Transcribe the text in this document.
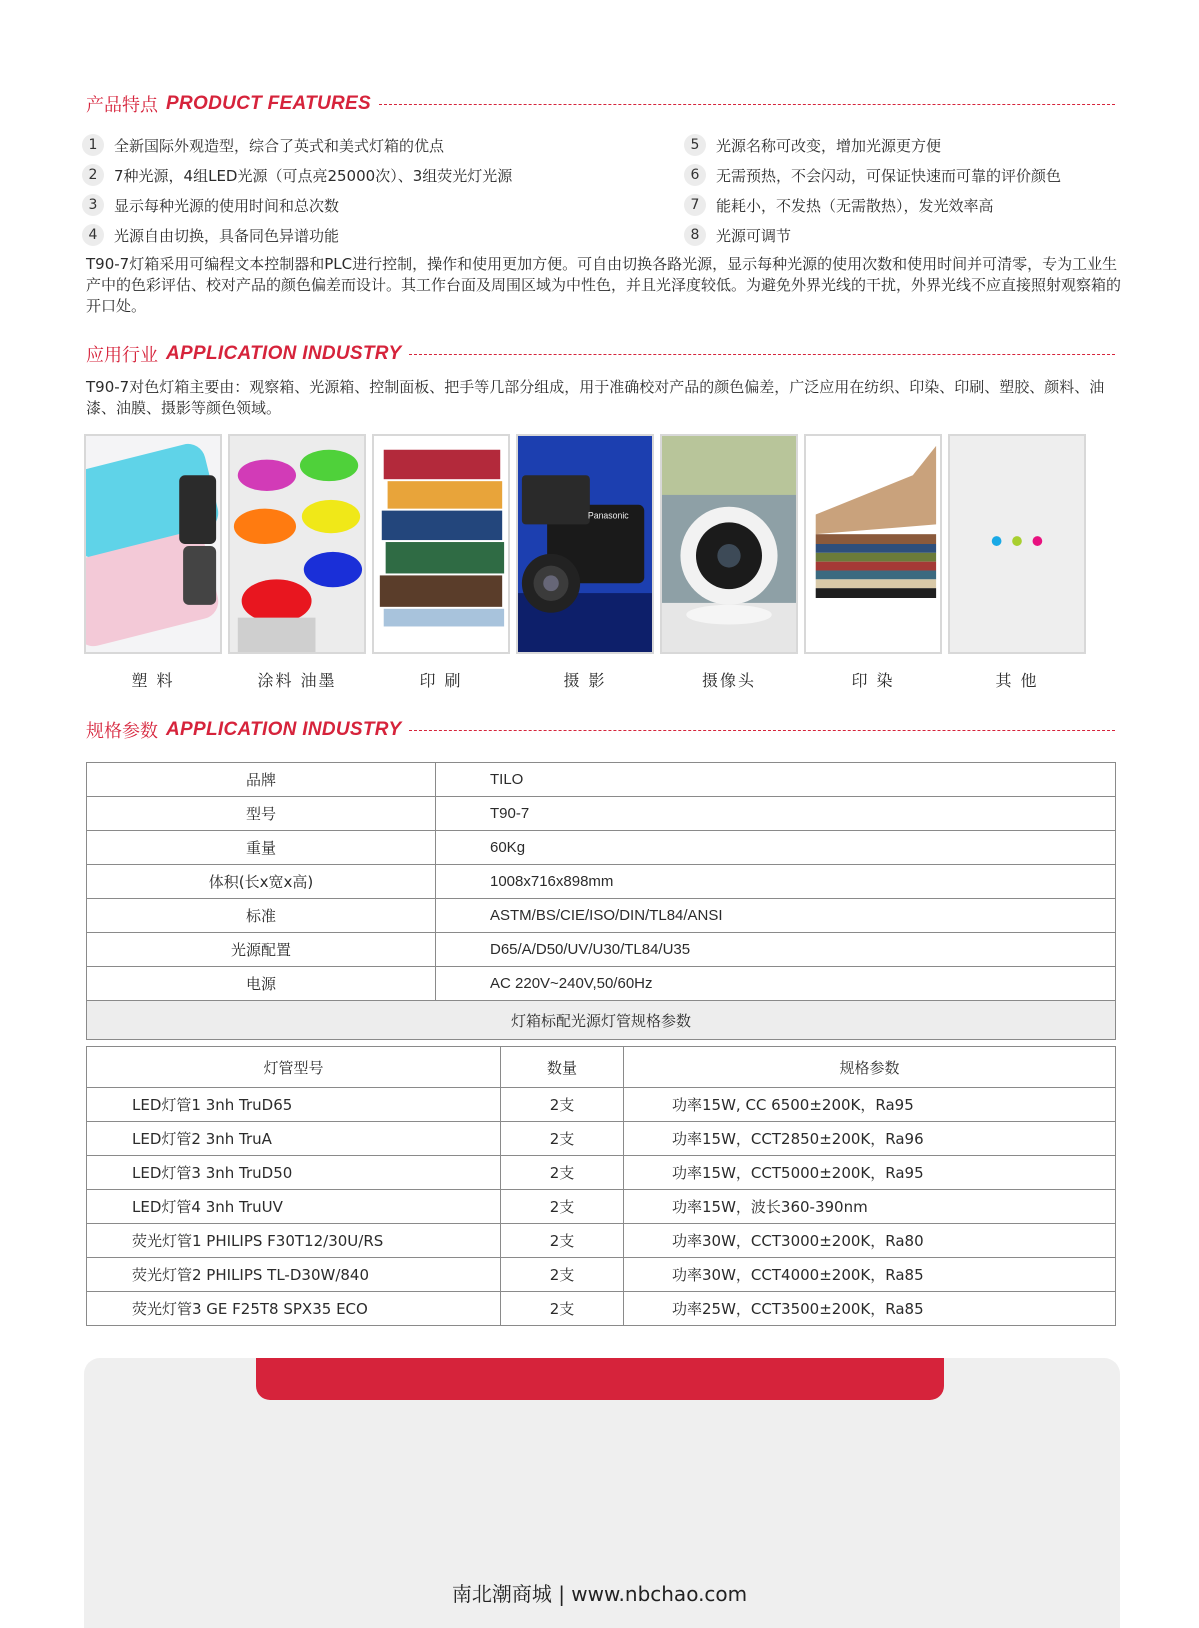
产品特点 PRODUCT FEATURES
1	全新国际外观造型，综合了英式和美式灯箱的优点
2	7种光源，4组LED光源（可点亮25000次）、3组荧光灯光源
3	显示每种光源的使用时间和总次数
4	光源自由切换，具备同色异谱功能
5	光源名称可改变，增加光源更方便
6	无需预热，不会闪动，可保证快速而可靠的评价颜色
7	能耗小，不发热（无需散热），发光效率高
8	光源可调节
T90-7灯箱采用可编程文本控制器和PLC进行控制，操作和使用更加方便。可自由切换各路光源，显示每种光源的使用次数和使用时间并可清零，专为工业生产中的色彩评估、校对产品的颜色偏差而设计。其工作台面及周围区域为中性色，并且光泽度较低。为避免外界光线的干扰，外界光线不应直接照射观察箱的开口处。
应用行业 APPLICATION INDUSTRY
T90-7对色灯箱主要由：观察箱、光源箱、控制面板、把手等几部分组成，用于准确校对产品的颜色偏差，广泛应用在纺织、印染、印刷、塑胶、颜料、油漆、油膜、摄影等颜色领域。
塑 料	涂料 油墨	印 刷
Panasonic
摄 影	摄像头	印 染	其 他
规格参数 APPLICATION INDUSTRY
品牌	TILO
型号	T90-7
重量	60Kg
体积(长x宽x高)	1008x716x898mm
标准	ASTM/BS/CIE/ISO/DIN/TL84/ANSI
光源配置	D65/A/D50/UV/U30/TL84/U35
电源	AC 220V~240V,50/60Hz
灯箱标配光源灯管规格参数	
灯管型号	数量	规格参数
LED灯管1 3nh TruD65	2支	功率15W, CC 6500±200K，Ra95
LED灯管2 3nh TruA	2支	功率15W，CCT2850±200K，Ra96
LED灯管3 3nh TruD50	2支	功率15W，CCT5000±200K，Ra95
LED灯管4 3nh TruUV	2支	功率15W，波长360-390nm
荧光灯管1 PHILIPS F30T12/30U/RS	2支	功率30W，CCT3000±200K，Ra80
荧光灯管2 PHILIPS TL-D30W/840	2支	功率30W，CCT4000±200K，Ra85
荧光灯管3 GE F25T8 SPX35 ECO	2支	功率25W，CCT3500±200K，Ra85
南北潮商城 | www.nbchao.com
